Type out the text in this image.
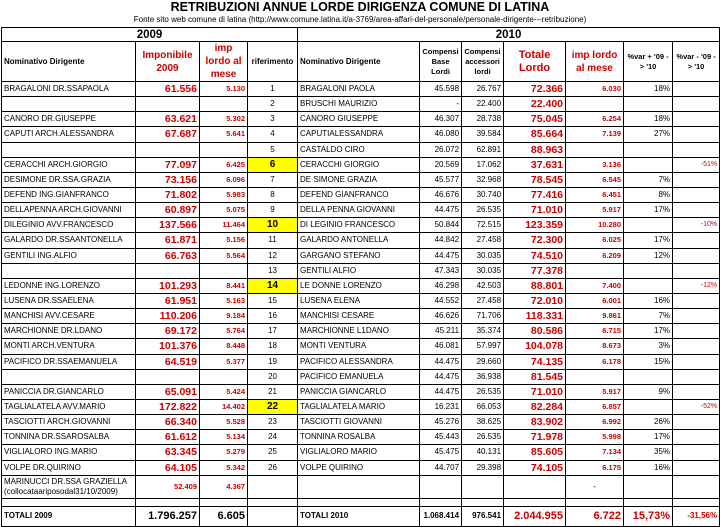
RETRIBUZIONI ANNUE LORDE DIRIGENZA COMUNE DI LATINA
Fonte sito web comune di latina (http://www.comune.latina.it/a-3769/area-affari-del-personale/personale-dirigente---retribuzione)
2009				2010						
Nominativo Dirigente	Imponibile 2009	imp lordo al mese	riferimento	Nominativo Dirigente	Compensi Base Lordi	Compensi accessori lordi	Totale Lordo	imp lordo al mese	%var + '09 -> '10	%var - '09 -> '10
BRAGALONI DR.SSAPAOLA	61.556	5.130	1	BRAGALONI PAOLA	45.598	26.767	72.366	6.030	18%	
			2	BRUSCHI MAURIZIO	-	22.400	22.400			
CANORO DR.GIUSEPPE	63.621	5.302	3	CANORO GIUSEPPE	46.307	28.738	75.045	6.254	18%	
CAPUTI ARCH.ALESSANDRA	67.687	5.641	4	CAPUTIALESSANDRA	46.080	39.584	85.664	7.139	27%	
			5	CASTALDO CIRO	26.072	62.891	88.963			
CERACCHI ARCH.GIORGIO	77.097	6.425	6	CERACCHI GIORGIO	20.569	17.062	37.631	3.136		-51%
DESIMONE DR.SSA.GRAZIA	73.156	6.096	7	DE SIMONE GRAZIA	45.577	32.968	78.545	6.545	7%	
DEFEND ING.GIANFRANCO	71.802	5.983	8	DEFEND GIANFRANCO	46.676	30.740	77.416	6.451	8%	
DELLAPENNA ARCH.GIOVANNI	60.897	5.075	9	DELLA PENNA GIOVANNI	44.475	26.535	71.010	5.917	17%	
DILEGINIO AVV.FRANCESCO	137.566	11.464	10	DI LEGINIO FRANCESCO	50.844	72.515	123.359	10.280		-10%
GALARDO DR.SSAANTONELLA	61.871	5.156	11	GALARDO ANTONELLA	44.842	27.458	72.300	6.025	17%	
GENTILI ING.ALFIO	66.763	5.564	12	GARGANO STEFANO	44.475	30.035	74.510	6.209	12%	
			13	GENTILI ALFIO	47.343	30.035	77.378			
LEDONNE ING.LORENZO	101.293	8.441	14	LE DONNE LORENZO	46.298	42.503	88.801	7.400		-12%
LUSENA DR.SSAELENA	61.951	5.163	15	LUSENA ELENA	44.552	27.458	72.010	6.001	16%	
MANCHISI AVV.CESARE	110.206	9.184	16	MANCHISI CESARE	46.626	71.706	118.331	9.861	7%	
MARCHIONNE DR.LDANO	69.172	5.764	17	MARCHIONNE L1DANO	45.211	35.374	80.586	6.715	17%	
MONTI ARCH.VENTURA	101.376	8.448	18	MONTI VENTURA	46.081	57.997	104.078	8.673	3%	
PACIFICO DR.SSAEMANUELA	64.519	5.377	19	PACIFICO ALESSANDRA	44.475	29.660	74.135	6.178	15%	
			20	PACIFICO EMANUELA	44.475	36.938	81.545			
PANICCIA DR.GIANCARLO	65.091	5.424	21	PANICCIA GIANCARLO	44.475	26.535	71.010	5.917	9%	
TAGLIALATELA AVV.MARIO	172.822	14.402	22	TAGLIALATELA MARIO	16.231	66.053	82.284	6.857		-52%
TASCIOTTI ARCH.GIOVANNI	66.340	5.528	23	TASCIOTTI GIOVANNI	45.276	38.625	83.902	6.992	26%	
TONNINA DR.SSAROSALBA	61.612	5.134	24	TONNINA ROSALBA	45.443	26.535	71.978	5.998	17%	
VIGLIALORO ING.MARIO	63.345	5.279	25	VIGLIALORO MARIO	45.475	40.131	85.605	7.134	35%	
VOLPE DR.QUIRINO	64.105	5.342	26	VOLPE QUIRINO	44.707	29.398	74.105	6.175	16%	
MARINUCCI DR.SSA GRAZIELLA (collocataariposodal31/10/2009)	52.409	4.367						-		

TOTALI 2009	1.796.257	6.605		TOTALI 2010	1.068.414	976.541	2.044.955	6.722	15,73%	-31,56%
